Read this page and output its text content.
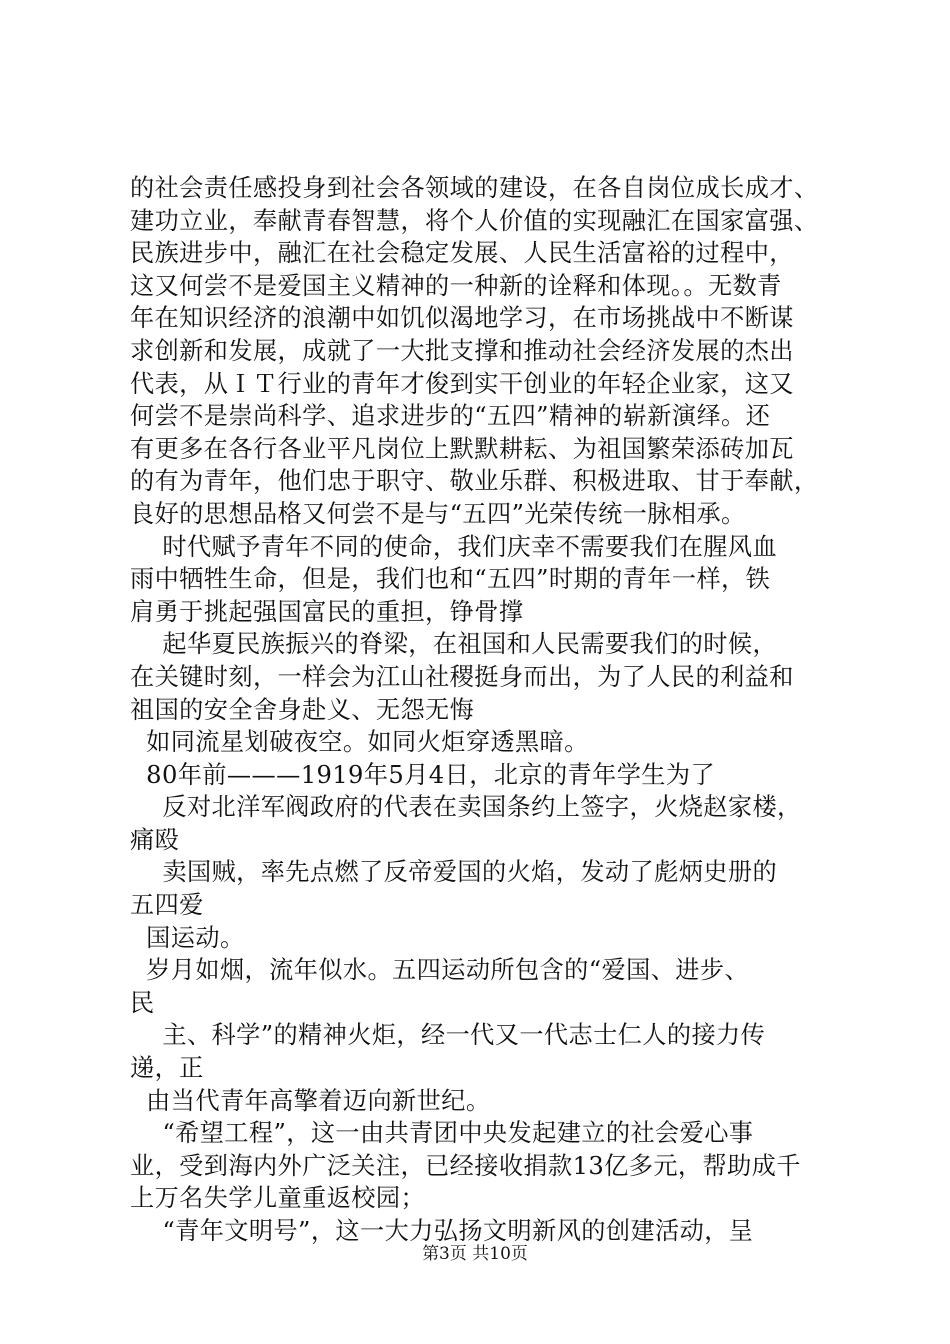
的社会责任感投身到社会各领域的建设，在各自岗位成长成才、
建功立业，奉献青春智慧，将个人价值的实现融汇在国家富强、
民族进步中，融汇在社会稳定发展、人民生活富裕的过程中，
这又何尝不是爱国主义精神的一种新的诠释和体现。。无数青
年在知识经济的浪潮中如饥似渴地学习，在市场挑战中不断谋
求创新和发展，成就了一大批支撑和推动社会经济发展的杰出
代表，从ＩＴ行业的青年才俊到实干创业的年轻企业家，这又
何尝不是崇尚科学、追求进步的“五四”精神的崭新演绎。还
有更多在各行各业平凡岗位上默默耕耘、为祖国繁荣添砖加瓦
的有为青年，他们忠于职守、敬业乐群、积极进取、甘于奉献，
良好的思想品格又何尝不是与“五四”光荣传统一脉相承。
时代赋予青年不同的使命，我们庆幸不需要我们在腥风血
雨中牺牲生命，但是，我们也和“五四”时期的青年一样，铁
肩勇于挑起强国富民的重担，铮骨撑
起华夏民族振兴的脊梁，在祖国和人民需要我们的时候，
在关键时刻，一样会为江山社稷挺身而出，为了人民的利益和
祖国的安全舍身赴义、无怨无悔
如同流星划破夜空。如同火炬穿透黑暗。
80年前———1919年5月4日，北京的青年学生为了
反对北洋军阀政府的代表在卖国条约上签字，火烧赵家楼，
痛殴
卖国贼，率先点燃了反帝爱国的火焰，发动了彪炳史册的
五四爱
国运动。
岁月如烟，流年似水。五四运动所包含的“爱国、进步、
民
主、科学”的精神火炬，经一代又一代志士仁人的接力传
递，正
由当代青年高擎着迈向新世纪。
“希望工程”，这一由共青团中央发起建立的社会爱心事
业，受到海内外广泛关注，已经接收捐款13亿多元，帮助成千
上万名失学儿童重返校园；
“青年文明号”，这一大力弘扬文明新风的创建活动，呈
第3页 共10页
